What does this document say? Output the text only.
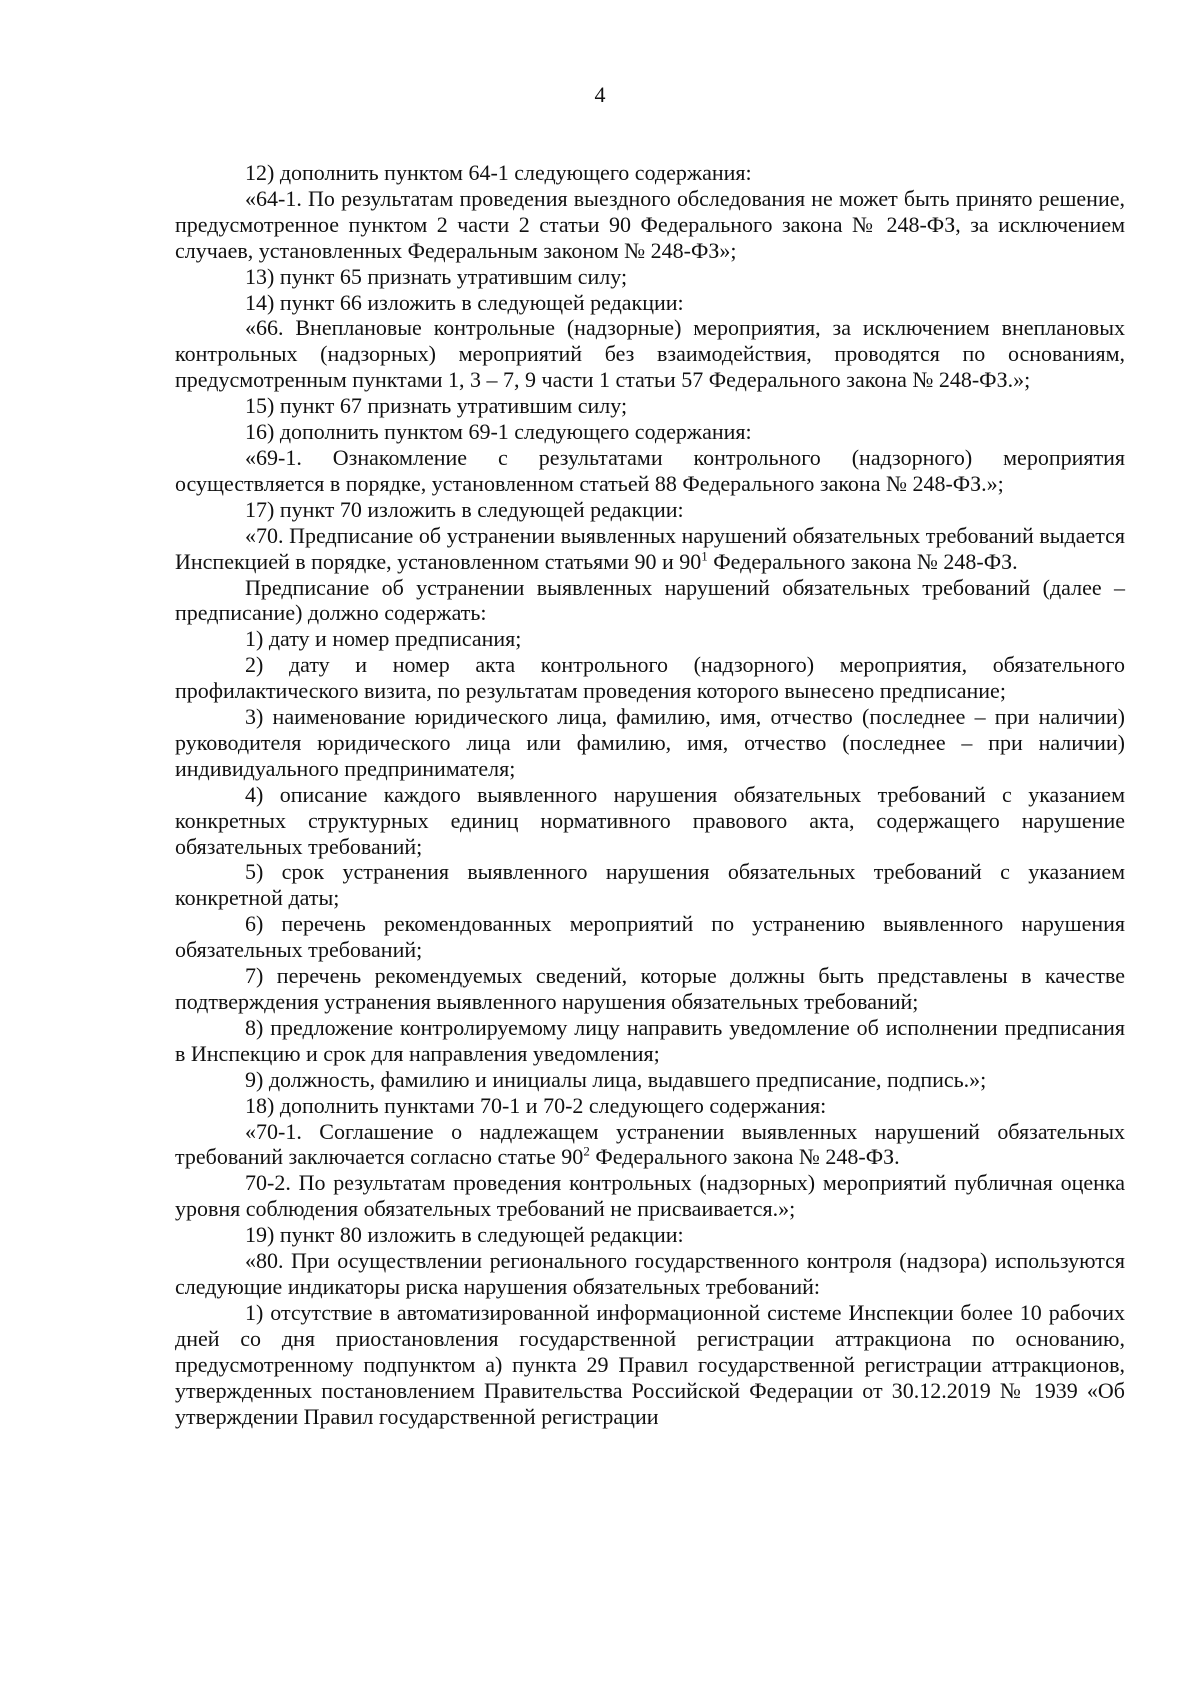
4

12) дополнить пунктом 64-1 следующего содержания:

«64-1. По результатам проведения выездного обследования не может быть принято решение, предусмотренное пунктом 2 части 2 статьи 90 Федерального закона № 248-ФЗ, за исключением случаев, установленных Федеральным законом № 248-ФЗ»;

13) пункт 65 признать утратившим силу;

14) пункт 66 изложить в следующей редакции:

«66. Внеплановые контрольные (надзорные) мероприятия, за исключением внеплановых контрольных (надзорных) мероприятий без взаимодействия, проводятся по основаниям, предусмотренным пунктами 1, 3 – 7, 9 части 1 статьи 57 Федерального закона № 248-ФЗ.»;

15) пункт 67 признать утратившим силу;

16) дополнить пунктом 69-1 следующего содержания:

«69-1. Ознакомление с результатами контрольного (надзорного) мероприятия осуществляется в порядке, установленном статьей 88 Федерального закона № 248-ФЗ.»;

17) пункт 70 изложить в следующей редакции:

«70. Предписание об устранении выявленных нарушений обязательных требований выдается Инспекцией в порядке, установленном статьями 90 и $90^1$ Федерального закона № 248-ФЗ.

Предписание об устранении выявленных нарушений обязательных требований (далее – предписание) должно содержать:

1) дату и номер предписания;

2) дату и номер акта контрольного (надзорного) мероприятия, обязательного профилактического визита, по результатам проведения которого вынесено предписание;

3) наименование юридического лица, фамилию, имя, отчество (последнее – при наличии) руководителя юридического лица или фамилию, имя, отчество (последнее – при наличии) индивидуального предпринимателя;

4) описание каждого выявленного нарушения обязательных требований с указанием конкретных структурных единиц нормативного правового акта, содержащего нарушение обязательных требований;

5) срок устранения выявленного нарушения обязательных требований с указанием конкретной даты;

6) перечень рекомендованных мероприятий по устранению выявленного нарушения обязательных требований;

7) перечень рекомендуемых сведений, которые должны быть представлены в качестве подтверждения устранения выявленного нарушения обязательных требований;

8) предложение контролируемому лицу направить уведомление об исполнении предписания в Инспекцию и срок для направления уведомления;

9) должность, фамилию и инициалы лица, выдавшего предписание, подпись.»;

18) дополнить пунктами 70-1 и 70-2 следующего содержания:

«70-1. Соглашение о надлежащем устранении выявленных нарушений обязательных требований заключается согласно статье $90^2$ Федерального закона № 248-ФЗ.

70-2. По результатам проведения контрольных (надзорных) мероприятий публичная оценка уровня соблюдения обязательных требований не присваивается.»;

19) пункт 80 изложить в следующей редакции:

«80. При осуществлении регионального государственного контроля (надзора) используются следующие индикаторы риска нарушения обязательных требований:

1) отсутствие в автоматизированной информационной системе Инспекции более 10 рабочих дней со дня приостановления государственной регистрации аттракциона по основанию, предусмотренному подпунктом а) пункта 29 Правил государственной регистрации аттракционов, утвержденных постановлением Правительства Российской Федерации от 30.12.2019 № 1939 «Об утверждении Правил государственной регистрации
